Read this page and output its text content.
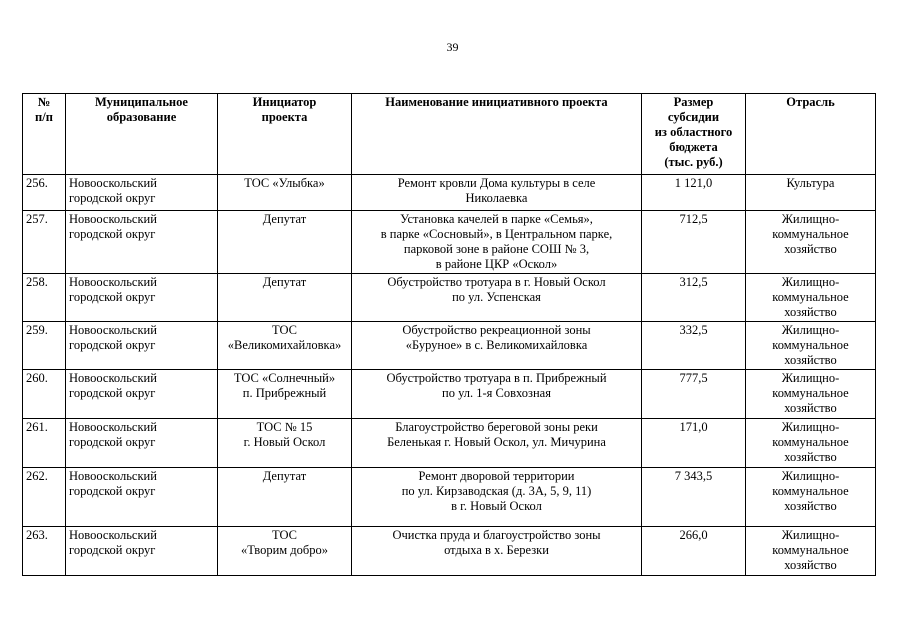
39
№
п/п	Муниципальное
образование	Инициатор
проекта	Наименование инициативного проекта	Размер
субсидии
из областного
бюджета
(тыс. руб.)	Отрасль

256.	Новооскольский
городской округ	ТОС «Улыбка»	Ремонт кровли Дома культуры в селе
Николаевка	1 121,0	Культура

257.	Новооскольский
городской округ	Депутат	Установка качелей в парке «Семья»,
в парке «Сосновый», в Центральном парке,
парковой зоне в районе СОШ № 3,
в районе ЦКР «Оскол»	712,5	Жилищно-
коммунальное
хозяйство

258.	Новооскольский
городской округ	Депутат	Обустройство тротуара в г. Новый Оскол
по ул. Успенская	312,5	Жилищно-
коммунальное
хозяйство

259.	Новооскольский
городской округ	ТОС
«Великомихайловка»	Обустройство рекреационной зоны
«Буруное» в с. Великомихайловка	332,5	Жилищно-
коммунальное
хозяйство

260.	Новооскольский
городской округ	ТОС «Солнечный»
п. Прибрежный	Обустройство тротуара в п. Прибрежный
по ул. 1-я Совхозная	777,5	Жилищно-
коммунальное
хозяйство

261.	Новооскольский
городской округ	ТОС № 15
г. Новый Оскол	Благоустройство береговой зоны реки
Беленькая г. Новый Оскол, ул. Мичурина	171,0	Жилищно-
коммунальное
хозяйство

262.	Новооскольский
городской округ	Депутат	Ремонт дворовой территории
по ул. Кирзаводская (д. 3А, 5, 9, 11)
в г. Новый Оскол	7 343,5	Жилищно-
коммунальное
хозяйство

263.	Новооскольский
городской округ	ТОС
«Творим добро»	Очистка пруда и благоустройство зоны
отдыха в х. Березки	266,0	Жилищно-
коммунальное
хозяйство
